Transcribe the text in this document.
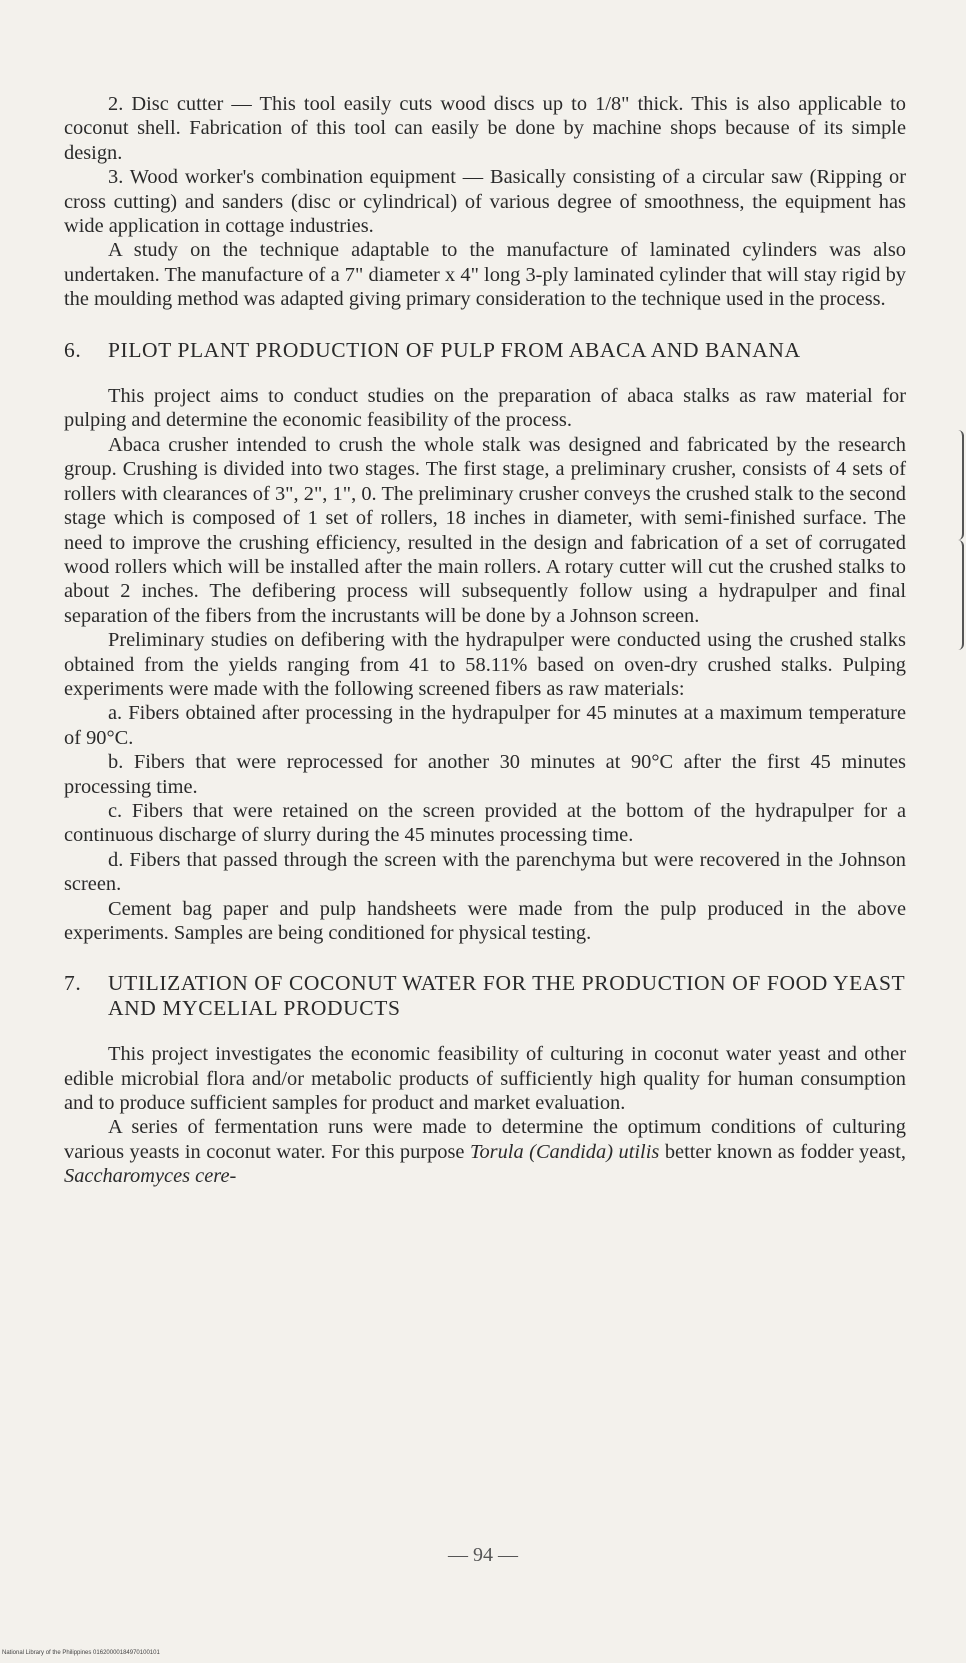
2. Disc cutter — This tool easily cuts wood discs up to 1/8" thick. This is also applicable to coconut shell. Fabrication of this tool can easily be done by machine shops because of its simple design.

3. Wood worker's combination equipment — Basically consisting of a circular saw (Ripping or cross cutting) and sanders (disc or cylindrical) of various degree of smoothness, the equipment has wide application in cottage industries.

A study on the technique adaptable to the manufacture of laminated cylinders was also undertaken. The manufacture of a 7" diameter x 4" long 3-ply laminated cylinder that will stay rigid by the moulding method was adapted giving primary consideration to the technique used in the process.

6. PILOT PLANT PRODUCTION OF PULP FROM ABACA AND BANANA

This project aims to conduct studies on the preparation of abaca stalks as raw material for pulping and determine the economic feasibility of the process.

Abaca crusher intended to crush the whole stalk was designed and fabricated by the research group. Crushing is divided into two stages. The first stage, a preliminary crusher, consists of 4 sets of rollers with clearances of 3", 2", 1", 0. The preliminary crusher conveys the crushed stalk to the second stage which is composed of 1 set of rollers, 18 inches in diameter, with semi-finished surface. The need to improve the crushing efficiency, resulted in the design and fabrication of a set of corrugated wood rollers which will be installed after the main rollers. A rotary cutter will cut the crushed stalks to about 2 inches. The defibering process will subsequently follow using a hydrapulper and final separation of the fibers from the incrustants will be done by a Johnson screen.

Preliminary studies on defibering with the hydrapulper were conducted using the crushed stalks obtained from the yields ranging from 41 to 58.11% based on oven-dry crushed stalks. Pulping experiments were made with the following screened fibers as raw materials:

a. Fibers obtained after processing in the hydrapulper for 45 minutes at a maximum temperature of 90°C.

b. Fibers that were reprocessed for another 30 minutes at 90°C after the first 45 minutes processing time.

c. Fibers that were retained on the screen provided at the bottom of the hydrapulper for a continuous discharge of slurry during the 45 minutes processing time.

d. Fibers that passed through the screen with the parenchyma but were recovered in the Johnson screen.

Cement bag paper and pulp handsheets were made from the pulp produced in the above experiments. Samples are being conditioned for physical testing.

7. UTILIZATION OF COCONUT WATER FOR THE PRODUCTION OF FOOD YEAST AND MYCELIAL PRODUCTS

This project investigates the economic feasibility of culturing in coconut water yeast and other edible microbial flora and/or metabolic products of sufficiently high quality for human consumption and to produce sufficient samples for product and market evaluation.

A series of fermentation runs were made to determine the optimum conditions of culturing various yeasts in coconut water. For this purpose Torula (Candida) utilis better known as fodder yeast, Saccharomyces cere-

— 94 —
National Library of the Philippines 01620000184970100101
